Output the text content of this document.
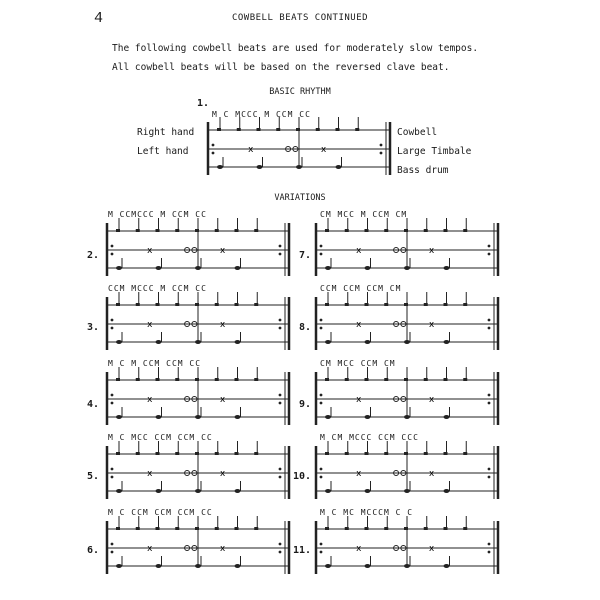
4	COWBELL BEATS CONTINUED
The following cowbell beats are used for moderately slow tempos.
All cowbell beats will be based on the reversed clave beat.
BASIC RHYTHM
1.
Right hand
Left hand
Cowbell
Large Timbale
Bass drum
M C MCCC M CCM CC
VARIATIONS
2.
3.
4.
5.
6.
7.
8.
9.
10.
11.
M CCMCCC M CCM CC
CCM MCCC M CCM CC
M C M CCM CCM CC
M C MCC CCM CCM CC
M C CCM CCM CCM CC
CM MCC M CCM CM
CCM CCM CCM CM
CM MCC CCM CM
M CM MCCC CCM CCC
M C MC MCCCM C C
x	x
x	x
x	x
x	x
x	x
x	x
x	x
x	x
x	x
x	x
x	x
